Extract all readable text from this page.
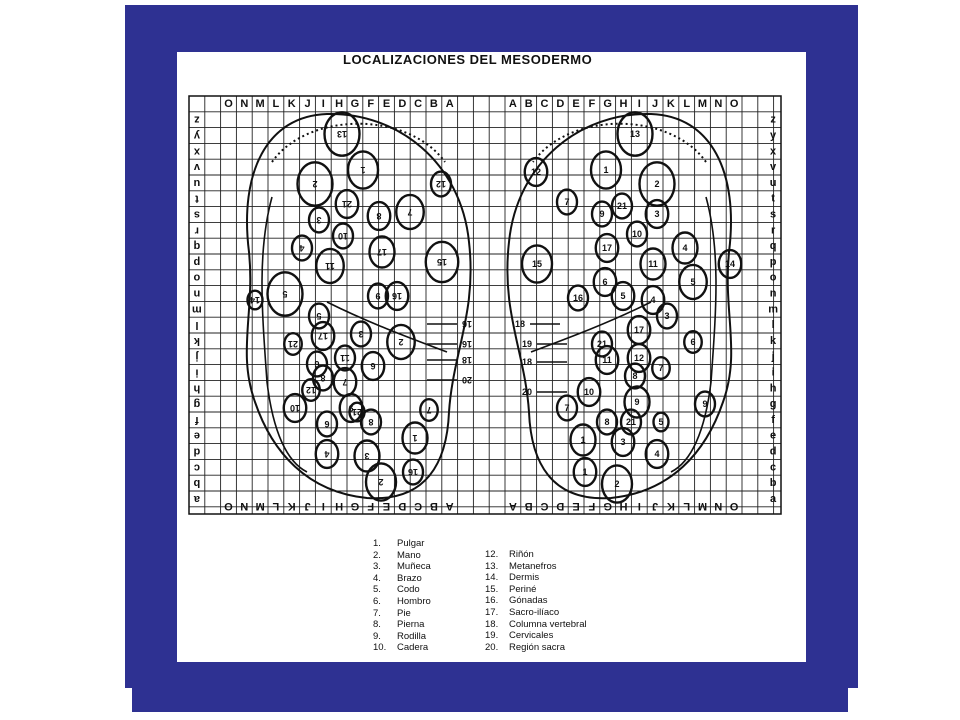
LOCALIZACIONES DEL MESODERMO
O N M L K J I H G F E D C B A	A B C D E F G H I J K L M N O
O N M L K J I H G F E D C B A	A B C D E F G H I J K L M N O
z	z
y	y
x	x
v	v
u	u
t	t
s	s
r	r
q	q
p	p
o	o
n	n
m	m
l	l
k	k
j	j
i	i
h	h
g	g
f	f
e	e
d	d
c	c
b	b
a	a
13
12
1
2
21
3	8	7
10
4	17
11	15
9
5	16
14
5
3
17
2
21
6
11
12
7
8
6
10	9
6	8
21	7
1
3
4
16
2
13
12	1
2
7
9
21
3
10
17	4
15	11	14
6	5
16	5	4
3
17
21	6
11 12
7
8
10
9	9
7
8 21 5
1	3
4
1
2
16
16
18
20
18
19
18
20
1. Pulgar
2. Mano
3. Muñeca
4. Brazo
5. Codo
6. Hombro
7. Pie
8. Pierna
9. Rodilla
10. Cadera
12. Riñón
13. Metanefros
14. Dermis
15. Periné
16. Gónadas
17. Sacro-ilíaco
18. Columna vertebral
19. Cervicales
20. Región sacra
